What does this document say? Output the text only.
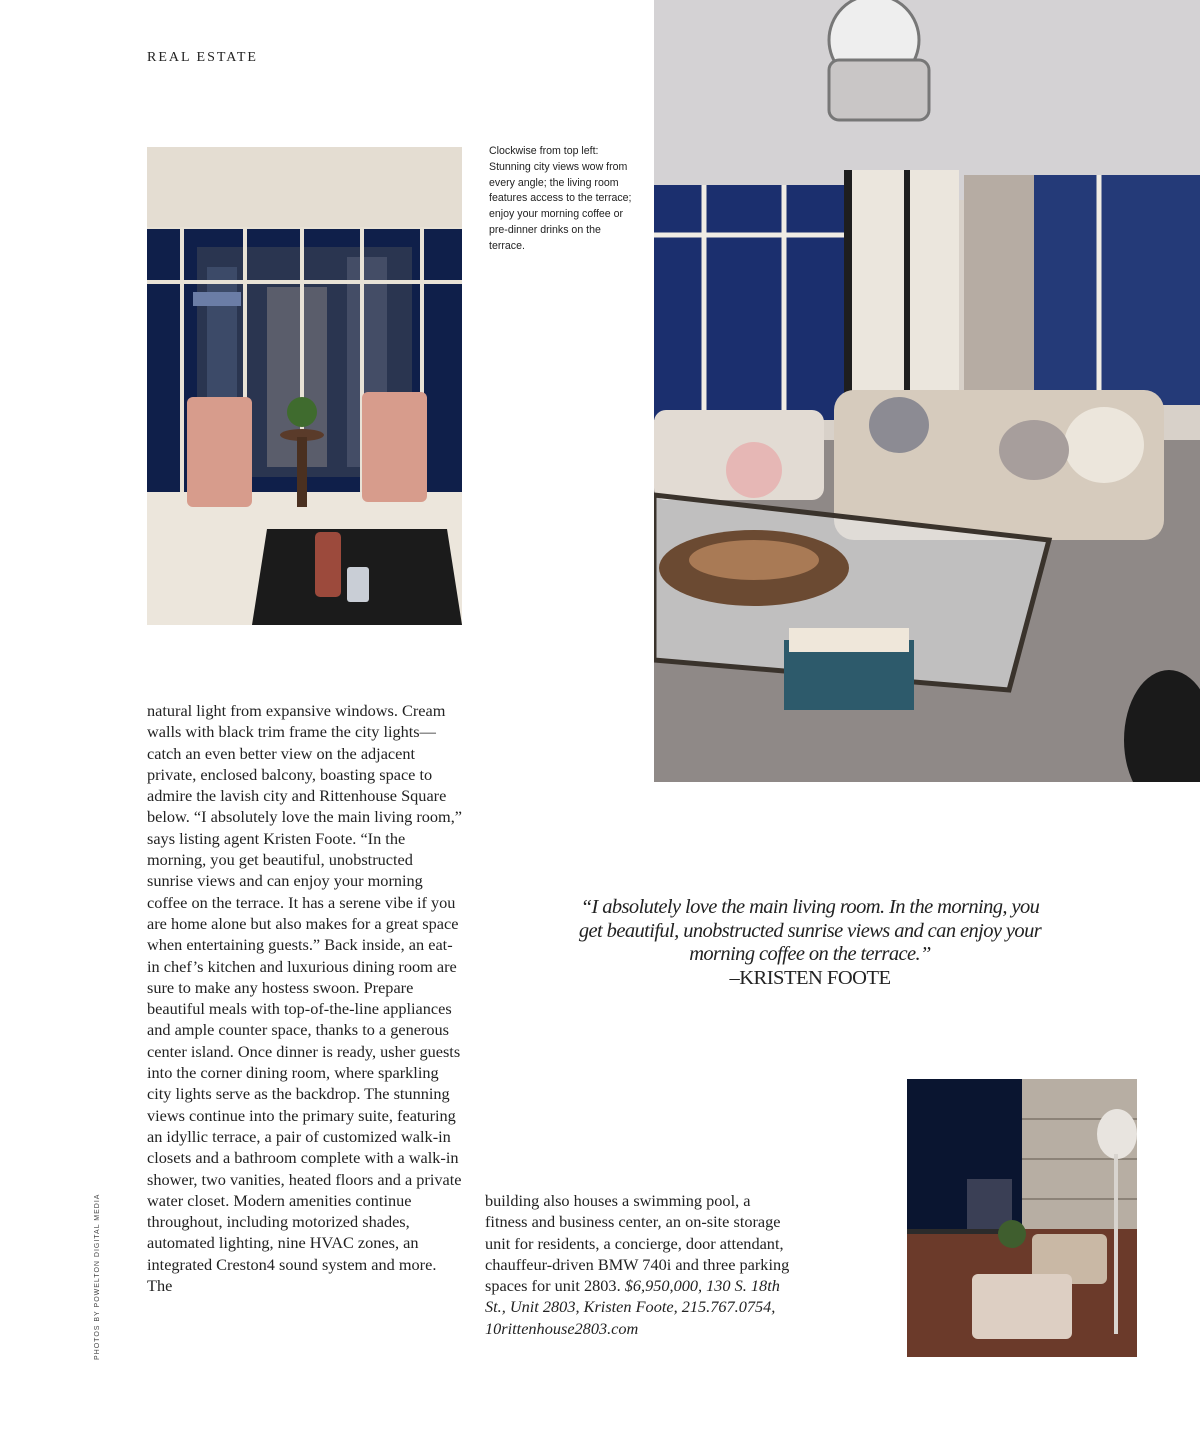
REAL ESTATE
Clockwise from top left: Stunning city views wow from every angle; the living room features access to the terrace; enjoy your morning coffee or pre-dinner drinks on the terrace.
natural light from expansive windows. Cream walls with black trim frame the city lights—catch an even better view on the adjacent private, enclosed balcony, boasting space to admire the lavish city and Rittenhouse Square below. “I absolutely love the main living room,” says listing agent Kristen Foote. “In the morning, you get beautiful, unobstructed sunrise views and can enjoy your morning coffee on the terrace. It has a serene vibe if you are home alone but also makes for a great space when entertaining guests.” Back inside, an eat-in chef’s kitchen and luxurious dining room are sure to make any hostess swoon. Prepare beautiful meals with top-of-the-line appliances and ample counter space, thanks to a generous center island. Once dinner is ready, usher guests into the corner dining room, where sparkling city lights serve as the backdrop. The stunning views continue into the primary suite, featuring an idyllic terrace, a pair of customized walk-in closets and a bathroom complete with a walk-in shower, two vanities, heated floors and a private water closet. Modern amenities continue throughout, including motorized shades, automated lighting, nine HVAC zones, an integrated Creston4 sound system and more. The
“I absolutely love the main living room. In the morning, you get beautiful, unobstructed sunrise views and can enjoy your morning coffee on the terrace.”
–KRISTEN FOOTE
building also houses a swimming pool, a fitness and business center, an on-site storage unit for residents, a concierge, door attendant, chauffeur-driven BMW 740i and three parking spaces for unit 2803. $6,950,000, 130 S. 18th St., Unit 2803, Kristen Foote, 215.767.0754, 10rittenhouse2803.com
PHOTOS BY POWELTON DIGITAL MEDIA
